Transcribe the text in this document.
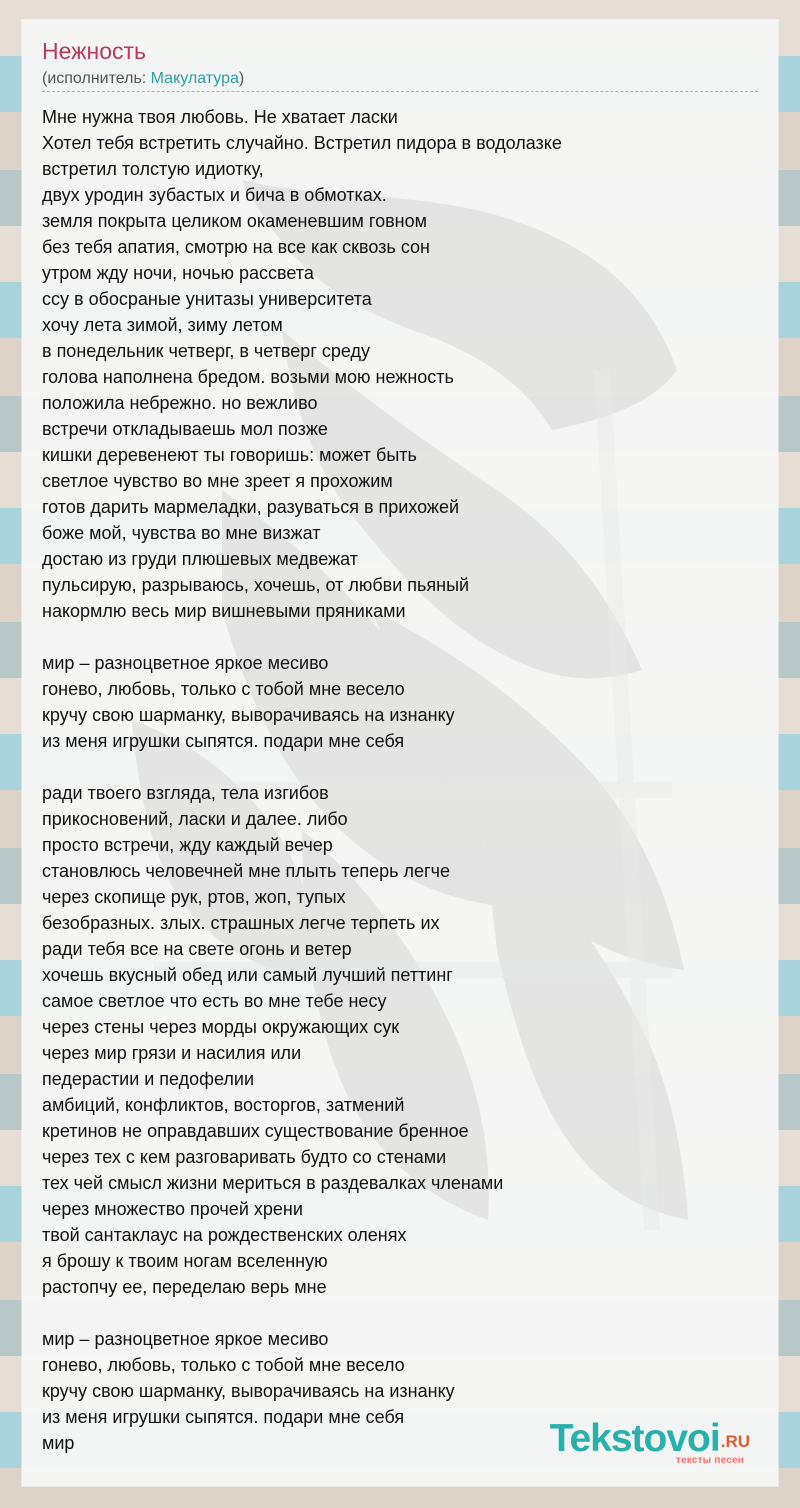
Нежность
(исполнитель: Макулатура)
Мне нужна твоя любовь. Не хватает ласки
Хотел тебя встретить случайно. Встретил пидора в водолазке
встретил толстую идиотку,
двух уродин зубастых и бича в обмотках.
земля покрыта целиком окаменевшим говном
без тебя апатия, смотрю на все как сквозь сон
утром жду ночи, ночью рассвета
ссу в обосраные унитазы университета
хочу лета зимой, зиму летом
в понедельник четверг, в четверг среду
голова наполнена бредом. возьми мою нежность
положила небрежно. но вежливо
встречи откладываешь мол позже
кишки деревенеют ты говоришь: может быть
светлое чувство во мне зреет я прохожим
готов дарить мармеладки, разуваться в прихожей
боже мой, чувства во мне визжат
достаю из груди плюшевых медвежат
пульсирую, разрываюсь, хочешь, от любви пьяный
накормлю весь мир вишневыми пряниками
мир – разноцветное яркое месиво
гонево, любовь, только с тобой мне весело
кручу свою шарманку, выворачиваясь на изнанку
из меня игрушки сыпятся. подари мне себя
ради твоего взгляда, тела изгибов
прикосновений, ласки и далее. либо
просто встречи, жду каждый вечер
становлюсь человечней мне плыть теперь легче
через скопище рук, ртов, жоп, тупых
безобразных. злых. страшных легче терпеть их
ради тебя все на свете огонь и ветер
хочешь вкусный обед или самый лучший петтинг
самое светлое что есть во мне тебе несу
через стены через морды окружающих сук
через мир грязи и насилия или
педерастии и педофелии
амбиций, конфликтов, восторгов, затмений
кретинов не оправдавших существование бренное
через тех с кем разговаривать будто со стенами
тех чей смысл жизни мериться в раздевалках членами
через множество прочей хрени
твой сантаклаус на рождественских оленях
я брошу к твоим ногам вселенную
растопчу ее, переделаю верь мне
мир – разноцветное яркое месиво
гонево, любовь, только с тобой мне весело
кручу свою шарманку, выворачиваясь на изнанку
из меня игрушки сыпятся. подари мне себя
мир	Tekstovoi.RU
тексты песен
